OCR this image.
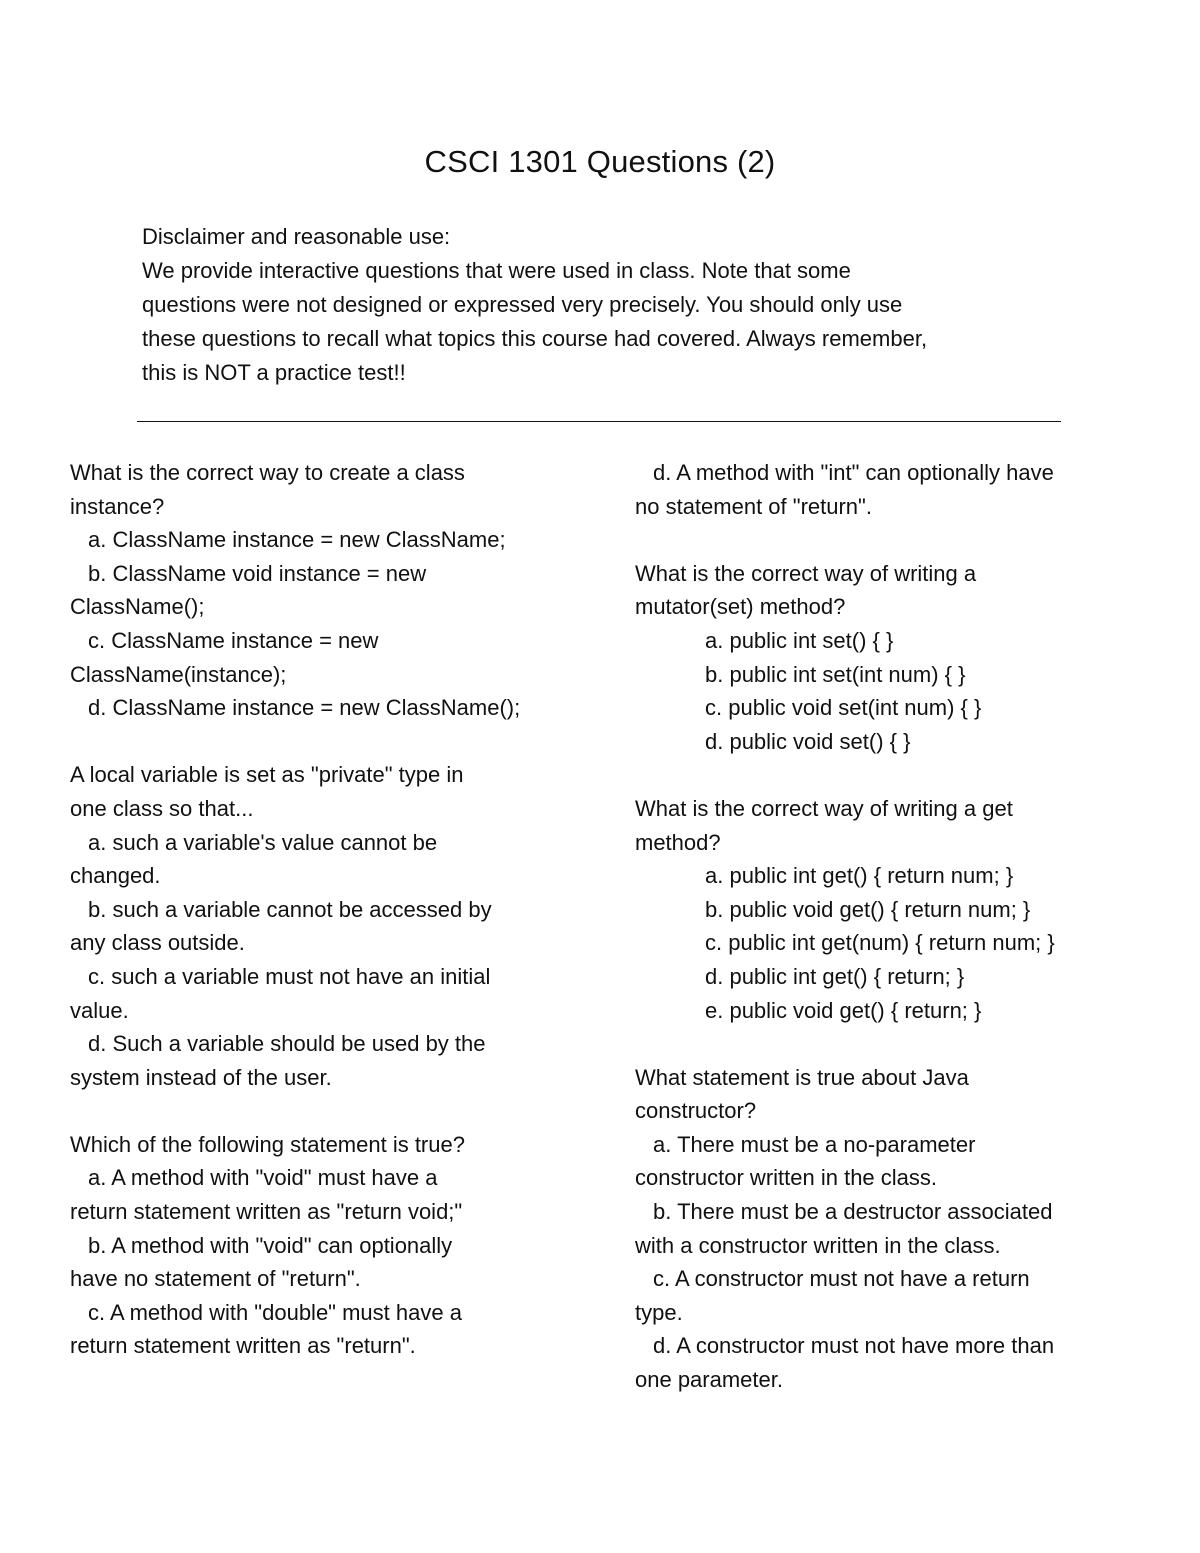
CSCI 1301 Questions (2)
Disclaimer and reasonable use:
We provide interactive questions that were used in class. Note that some
questions were not designed or expressed very precisely. You should only use
these questions to recall what topics this course had covered. Always remember,
this is NOT a practice test!!
What is the correct way to create a class
instance?
a. ClassName instance = new ClassName;
b. ClassName void instance = new
ClassName();
c. ClassName instance = new
ClassName(instance);
d. ClassName instance = new ClassName();
A local variable is set as "private" type in
one class so that...
a. such a variable's value cannot be
changed.
b. such a variable cannot be accessed by
any class outside.
c. such a variable must not have an initial
value.
d. Such a variable should be used by the
system instead of the user.
Which of the following statement is true?
a. A method with "void" must have a
return statement written as "return void;"
b. A method with "void" can optionally
have no statement of "return".
c. A method with "double" must have a
return statement written as "return".
d. A method with "int" can optionally have
no statement of "return".
What is the correct way of writing a
mutator(set) method?
a. public int set() { }
b. public int set(int num) { }
c. public void set(int num) { }
d. public void set() { }
What is the correct way of writing a get
method?
a. public int get() { return num; }
b. public void get() { return num; }
c. public int get(num) { return num; }
d. public int get() { return; }
e. public void get() { return; }
What statement is true about Java
constructor?
a. There must be a no-parameter
constructor written in the class.
b. There must be a destructor associated
with a constructor written in the class.
c. A constructor must not have a return
type.
d. A constructor must not have more than
one parameter.
